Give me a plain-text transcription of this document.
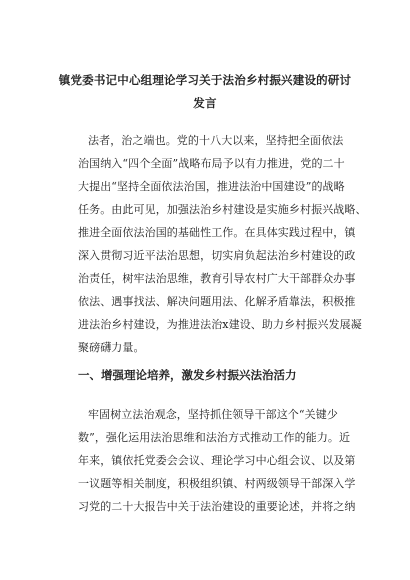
镇党委书记中心组理论学习关于法治乡村振兴建设的研讨
发言
法者，治之端也。党的十八大以来，坚持把全面依法
治国纳入“四个全面”战略布局予以有力推进，党的二十
大提出“坚持全面依法治国，推进法治中国建设”的战略
任务。由此可见，加强法治乡村建设是实施乡村振兴战略、
推进全面依法治国的基础性工作。在具体实践过程中，镇
深入贯彻习近平法治思想，切实肩负起法治乡村建设的政
治责任，树牢法治思维，教育引导农村广大干部群众办事
依法、遇事找法、解决问题用法、化解矛盾靠法，积极推
进法治乡村建设，为推进法治x建设、助力乡村振兴发展凝
聚磅礴力量。
一、增强理论培养，激发乡村振兴法治活力
牢固树立法治观念，坚持抓住领导干部这个“关键少
数”，强化运用法治思维和法治方式推动工作的能力。近
年来，镇依托党委会会议、理论学习中心组会议、以及第
一议题等相关制度，积极组织镇、村两级领导干部深入学
习党的二十大报告中关于法治建设的重要论述，并将之纳
